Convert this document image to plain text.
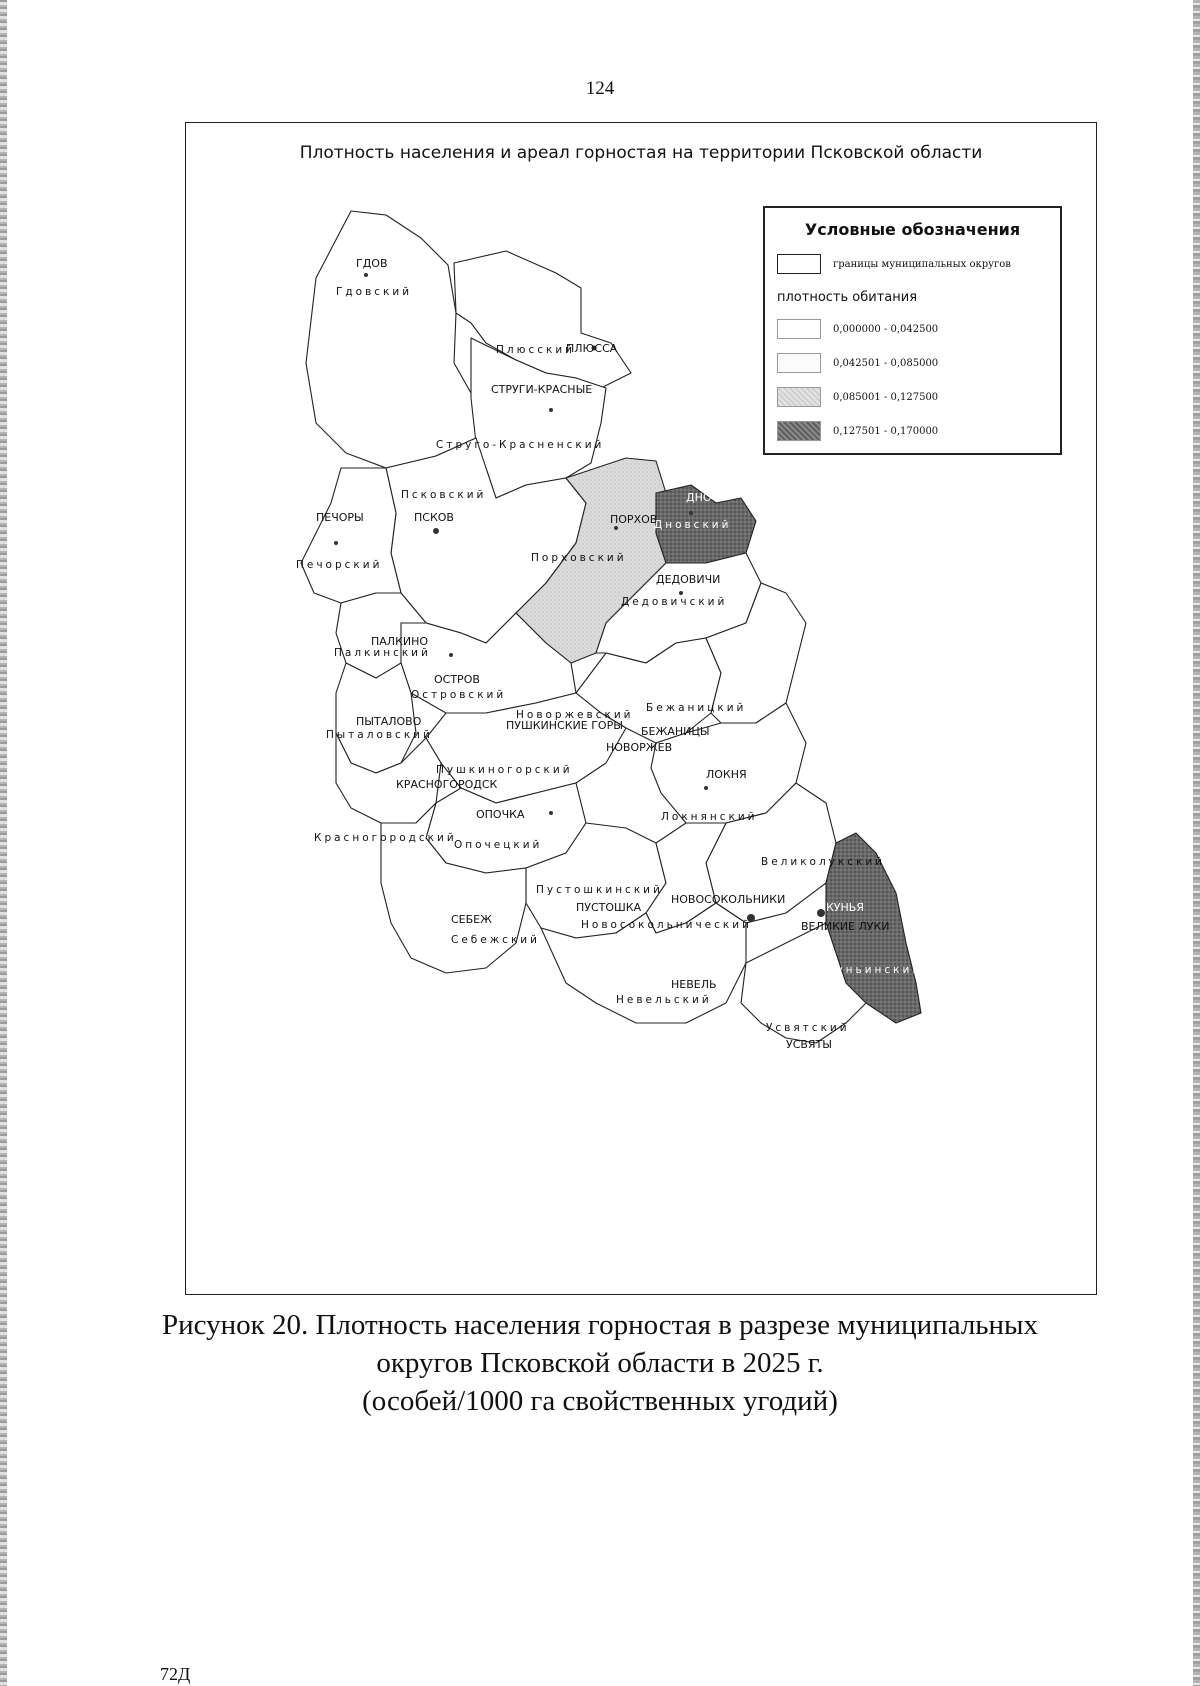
124
Плотность населения и ареал горностая на территории Псковской области
ГДОВ
ПЛЮССА
СТРУГИ-КРАСНЫЕ
ПЕЧОРЫ	ПСКОВ
ПАЛКИНО
ПОРХОВ
ДНО
ДЕДОВИЧИ
ОСТРОВ
ПЫТАЛОВО	ПУШКИНСКИЕ ГОРЫ
НОВОРЖЕВ
БЕЖАНИЦЫ
КРАСНОГОРОДСК
ОПОЧКА
ЛОКНЯ
НОВОСОКОЛЬНИКИ
ВЕЛИКИЕ ЛУКИ
ПУСТОШКА
СЕБЕЖ
НЕВЕЛЬ
КУНЬЯ
УСВЯТЫ
Гдовский
Плюсский
Струго-Красненский
Псковский
Печорский
Палкинский
Порховский
Дновский
Дедовичский
Островский
Пыталовский
Новоржевский
Пушкиногорский
Бежаницкий
Красногородский
Опочецкий
Локнянский
Великолукский
Пустошкинский
Новосокольнический
Себежский
Невельский
Куньинский
Усвятский
Условные обозначения
границы муниципальных округов
плотность обитания
0,000000 - 0,042500
0,042501 - 0,085000
0,085001 - 0,127500
0,127501 - 0,170000
Рисунок 20. Плотность населения горностая в разрезе муниципальных
округов Псковской области в 2025 г.
(особей/1000 га свойственных угодий)
72Д
